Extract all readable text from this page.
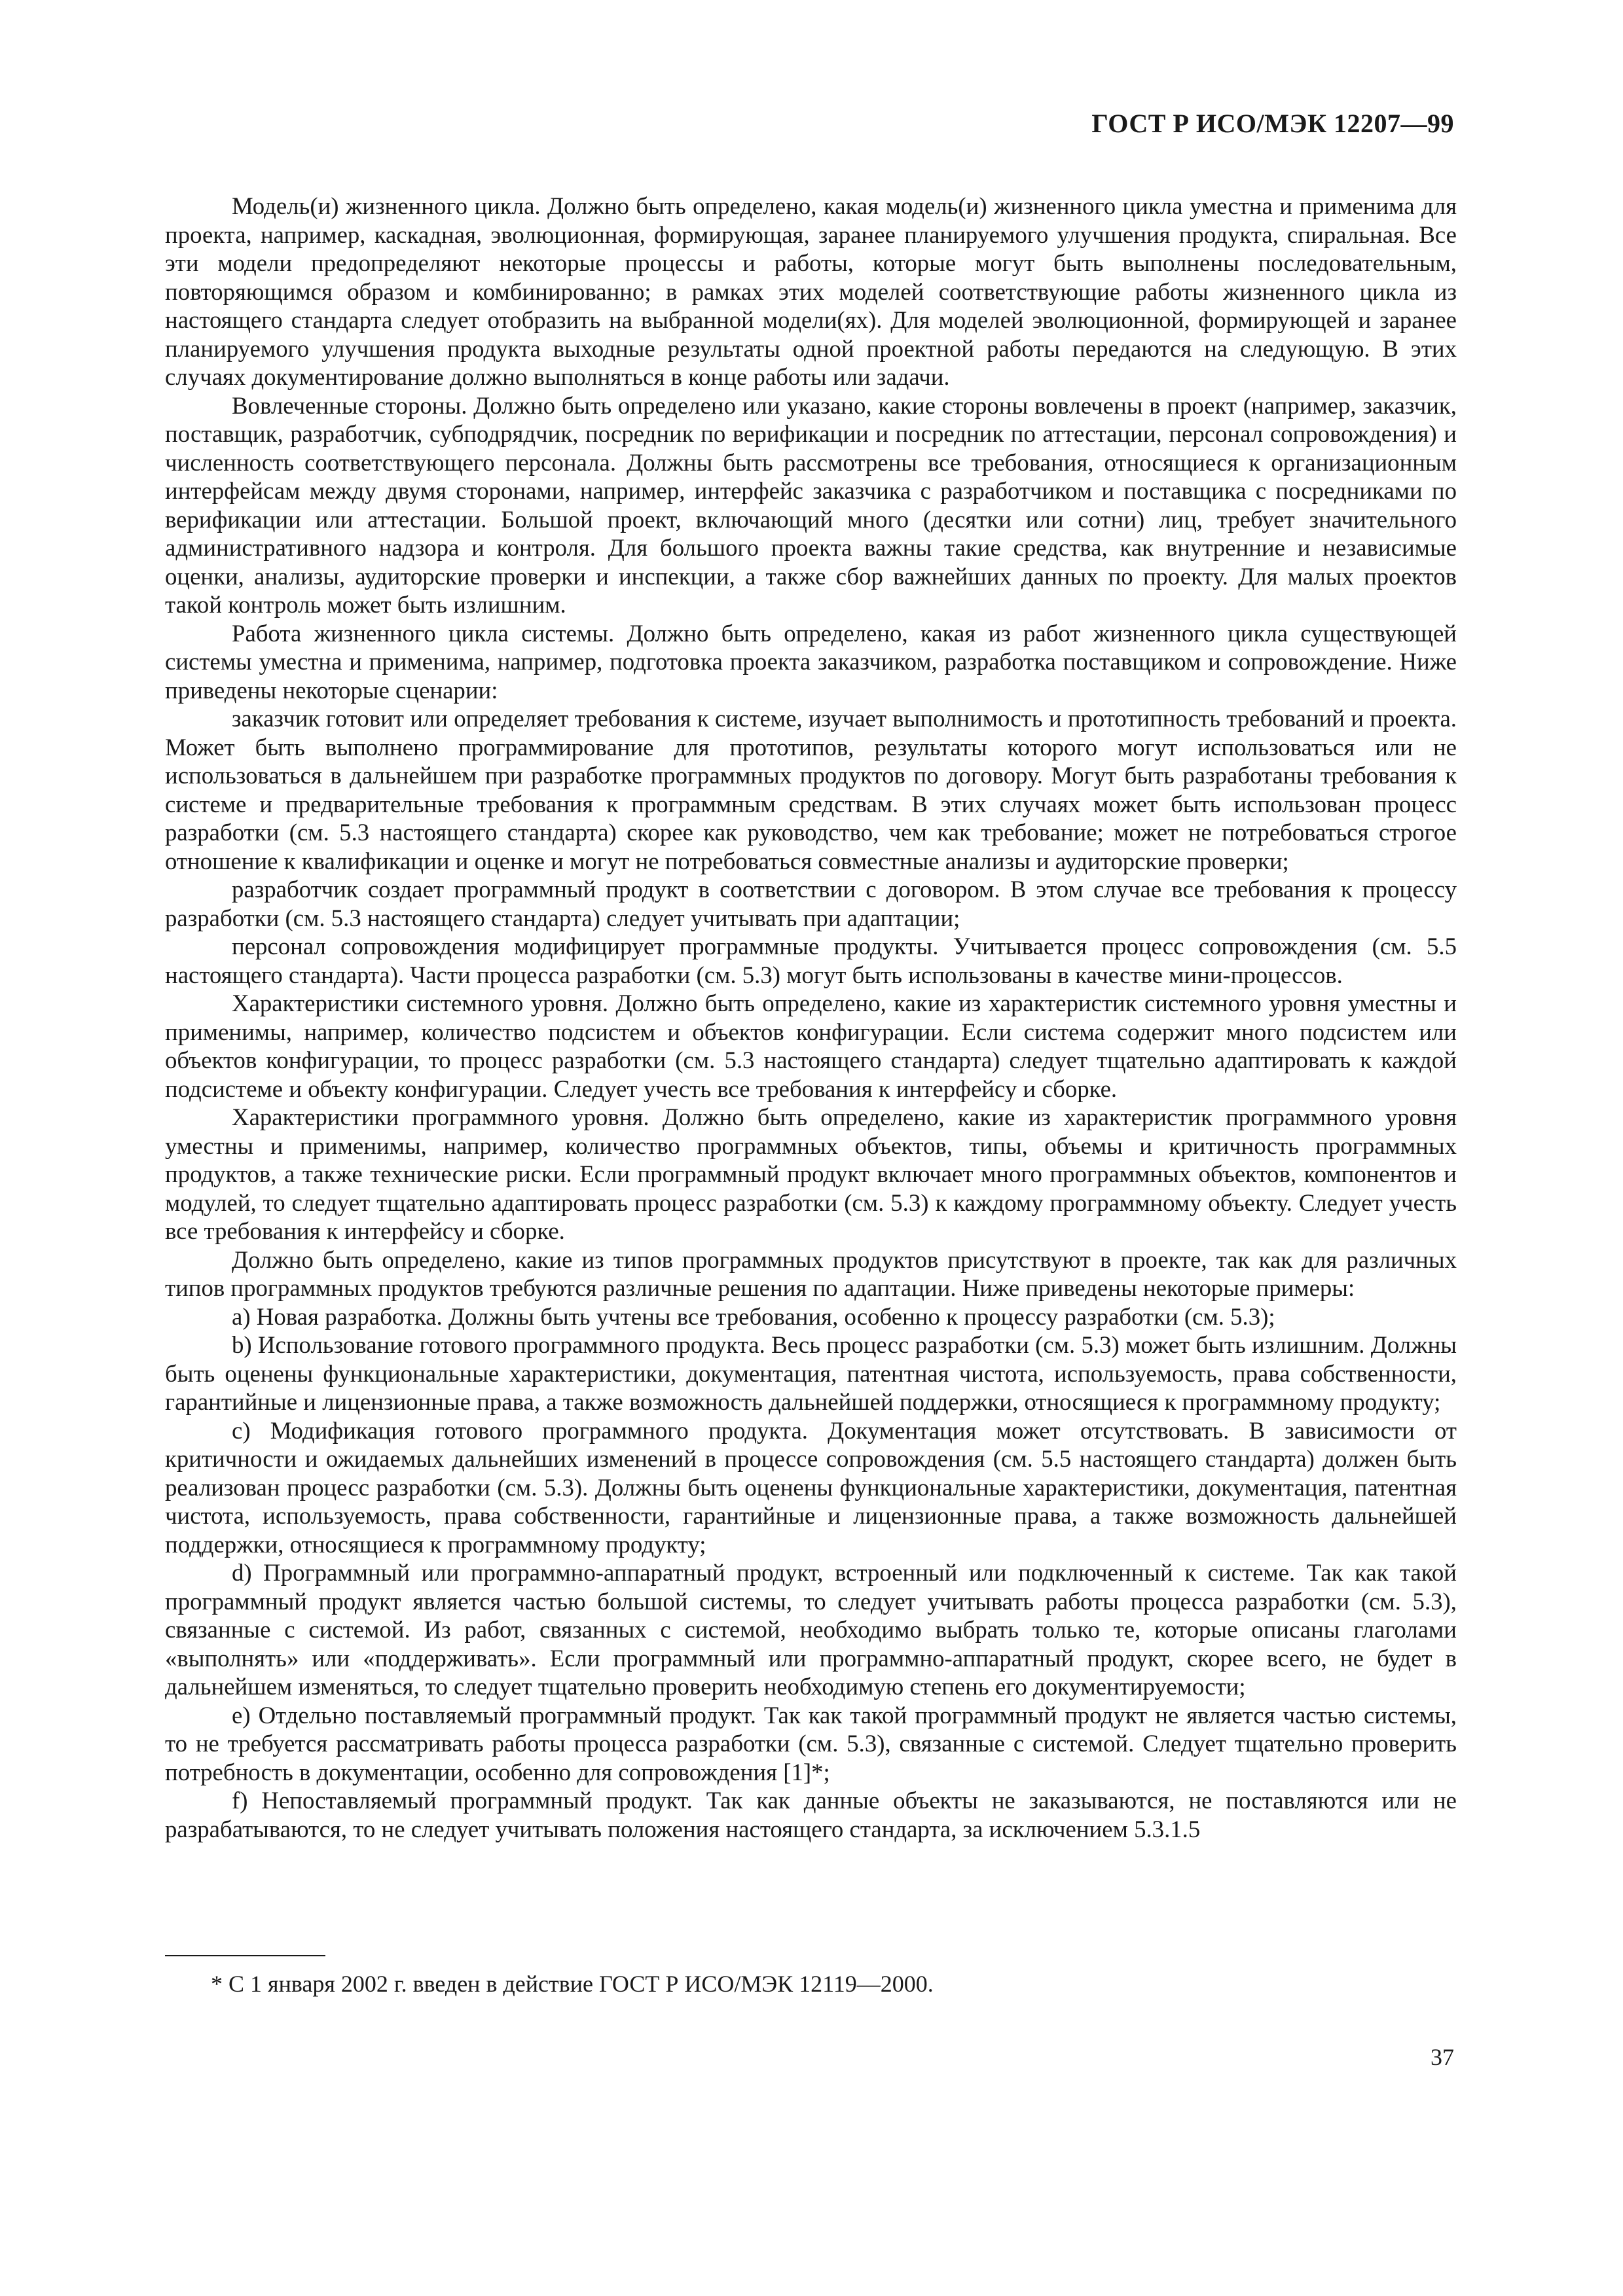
ГОСТ Р ИСО/МЭК 12207—99

Модель(и) жизненного цикла. Должно быть определено, какая модель(и) жизненного цикла уместна и применима для проекта, например, каскадная, эволюционная, формирующая, заранее планируемого улучшения продукта, спиральная. Все эти модели предопределяют некоторые процессы и работы, которые могут быть выполнены последовательным, повторяющимся образом и комбинированно; в рамках этих моделей соответствующие работы жизненного цикла из настоящего стандарта следует отобразить на выбранной модели(ях). Для моделей эволюционной, формирующей и заранее планируемого улучшения продукта выходные результаты одной проектной работы передаются на следующую. В этих случаях документирование должно выполняться в конце работы или задачи.

Вовлеченные стороны. Должно быть определено или указано, какие стороны вовлечены в проект (например, заказчик, поставщик, разработчик, субподрядчик, посредник по верификации и посредник по аттестации, персонал сопровождения) и численность соответствующего персонала. Должны быть рассмотрены все требования, относящиеся к организационным интерфейсам между двумя сторонами, например, интерфейс заказчика с разработчиком и поставщика с посредниками по верификации или аттестации. Большой проект, включающий много (десятки или сотни) лиц, требует значительного административного надзора и контроля. Для большого проекта важны такие средства, как внутренние и независимые оценки, анализы, аудиторские проверки и инспекции, а также сбор важнейших данных по проекту. Для малых проектов такой контроль может быть излишним.

Работа жизненного цикла системы. Должно быть определено, какая из работ жизненного цикла существующей системы уместна и применима, например, подготовка проекта заказчиком, разработка поставщиком и сопровождение. Ниже приведены некоторые сценарии:

заказчик готовит или определяет требования к системе, изучает выполнимость и прототипность требований и проекта. Может быть выполнено программирование для прототипов, результаты которого могут использоваться или не использоваться в дальнейшем при разработке программных продуктов по договору. Могут быть разработаны требования к системе и предварительные требования к программным средствам. В этих случаях может быть использован процесс разработки (см. 5.3 настоящего стандарта) скорее как руководство, чем как требование; может не потребоваться строгое отношение к квалификации и оценке и могут не потребоваться совместные анализы и аудиторские проверки;

разработчик создает программный продукт в соответствии с договором. В этом случае все требования к процессу разработки (см. 5.3 настоящего стандарта) следует учитывать при адаптации;

персонал сопровождения модифицирует программные продукты. Учитывается процесс сопровождения (см. 5.5 настоящего стандарта). Части процесса разработки (см. 5.3) могут быть использованы в качестве мини-процессов.

Характеристики системного уровня. Должно быть определено, какие из характеристик системного уровня уместны и применимы, например, количество подсистем и объектов конфигурации. Если система содержит много подсистем или объектов конфигурации, то процесс разработки (см. 5.3 настоящего стандарта) следует тщательно адаптировать к каждой подсистеме и объекту конфигурации. Следует учесть все требования к интерфейсу и сборке.

Характеристики программного уровня. Должно быть определено, какие из характеристик программного уровня уместны и применимы, например, количество программных объектов, типы, объемы и критичность программных продуктов, а также технические риски. Если программный продукт включает много программных объектов, компонентов и модулей, то следует тщательно адаптировать процесс разработки (см. 5.3) к каждому программному объекту. Следует учесть все требования к интерфейсу и сборке.

Должно быть определено, какие из типов программных продуктов присутствуют в проекте, так как для различных типов программных продуктов требуются различные решения по адаптации. Ниже приведены некоторые примеры:

a) Новая разработка. Должны быть учтены все требования, особенно к процессу разработки (см. 5.3);

b) Использование готового программного продукта. Весь процесс разработки (см. 5.3) может быть излишним. Должны быть оценены функциональные характеристики, документация, патентная чистота, используемость, права собственности, гарантийные и лицензионные права, а также возможность дальнейшей поддержки, относящиеся к программному продукту;

c) Модификация готового программного продукта. Документация может отсутствовать. В зависимости от критичности и ожидаемых дальнейших изменений в процессе сопровождения (см. 5.5 настоящего стандарта) должен быть реализован процесс разработки (см. 5.3). Должны быть оценены функциональные характеристики, документация, патентная чистота, используемость, права собственности, гарантийные и лицензионные права, а также возможность дальнейшей поддержки, относящиеся к программному продукту;

d) Программный или программно-аппаратный продукт, встроенный или подключенный к системе. Так как такой программный продукт является частью большой системы, то следует учитывать работы процесса разработки (см. 5.3), связанные с системой. Из работ, связанных с системой, необходимо выбрать только те, которые описаны глаголами «выполнять» или «поддерживать». Если программный или программно-аппаратный продукт, скорее всего, не будет в дальнейшем изменяться, то следует тщательно проверить необходимую степень его документируемости;

e) Отдельно поставляемый программный продукт. Так как такой программный продукт не является частью системы, то не требуется рассматривать работы процесса разработки (см. 5.3), связанные с системой. Следует тщательно проверить потребность в документации, особенно для сопровождения [1]*;

f) Непоставляемый программный продукт. Так как данные объекты не заказываются, не поставляются или не разрабатываются, то не следует учитывать положения настоящего стандарта, за исключением 5.3.1.5

* С 1 января 2002 г. введен в действие ГОСТ Р ИСО/МЭК 12119—2000.
37
